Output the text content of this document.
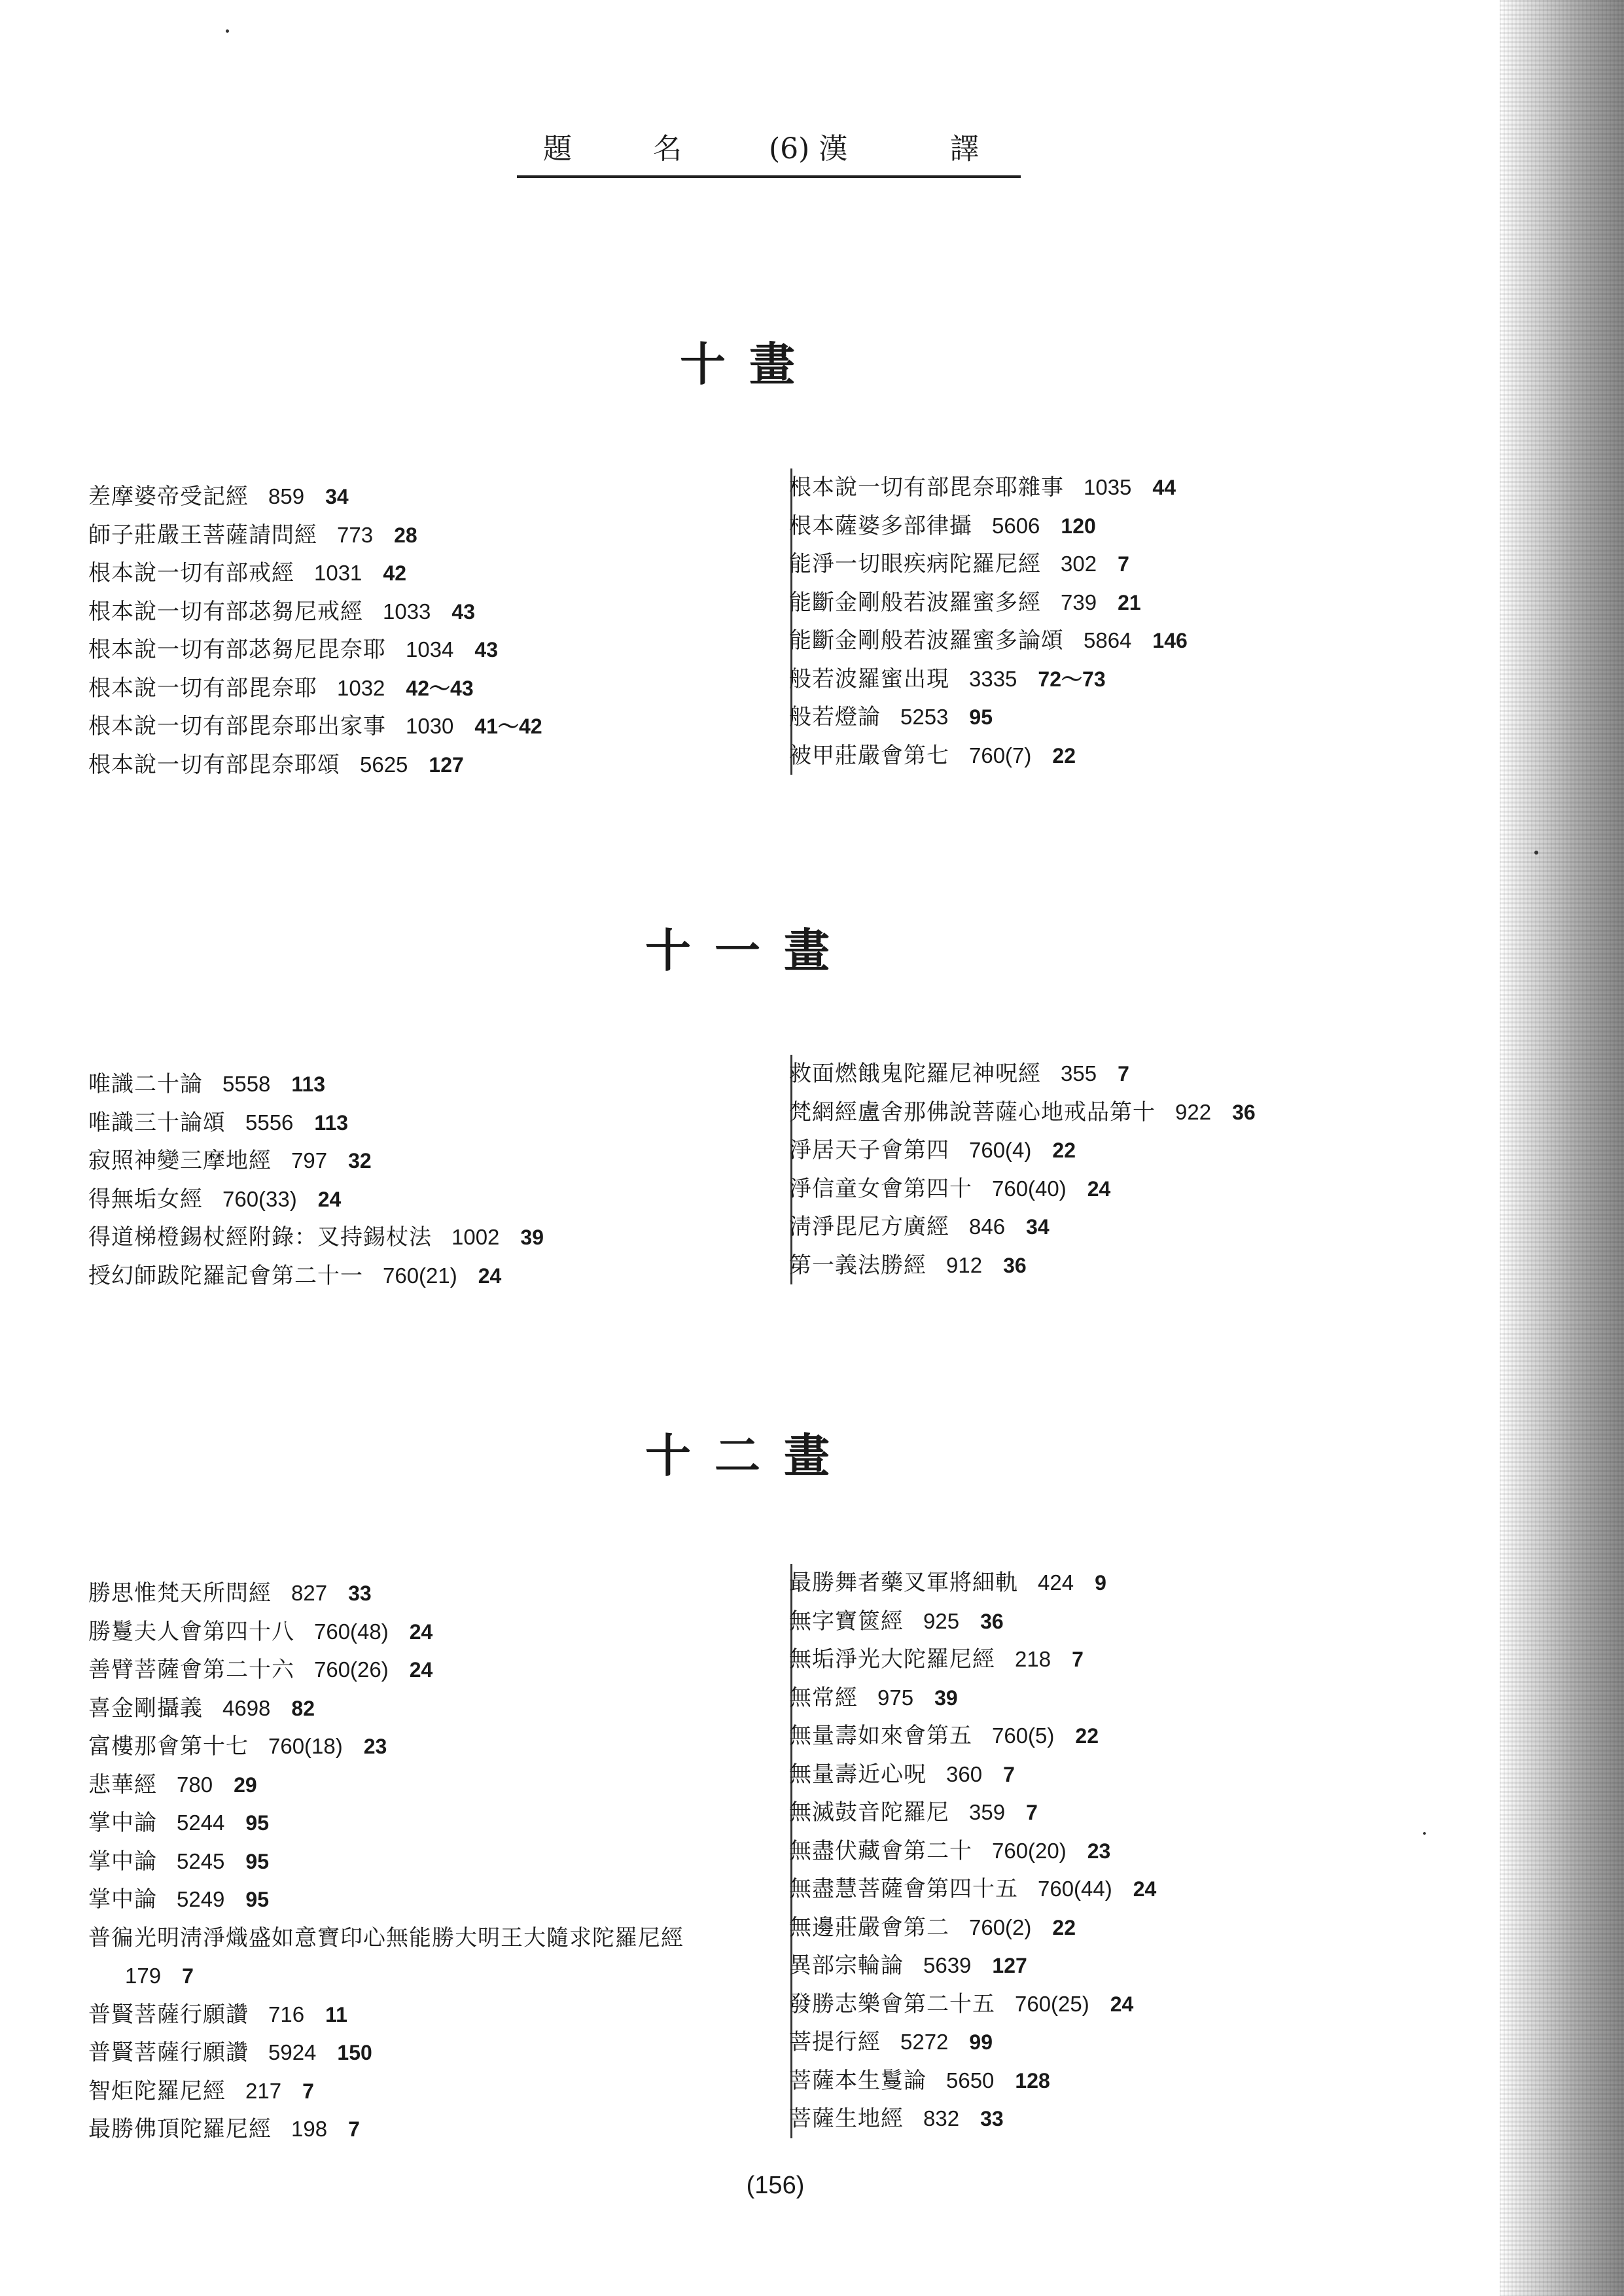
題	名	(6) 漢	譯
十畫
差摩婆帝受記經 859 34
師子莊嚴王菩薩請問經 773 28
根本說一切有部戒經 1031 42
根本說一切有部苾芻尼戒經 1033 43
根本說一切有部苾芻尼毘奈耶 1034 43
根本說一切有部毘奈耶 1032 42～43
根本說一切有部毘奈耶出家事 1030 41～42
根本說一切有部毘奈耶頌 5625 127
根本說一切有部毘奈耶雜事 1035 44
根本薩婆多部律攝 5606 120
能淨一切眼疾病陀羅尼經 302 7
能斷金剛般若波羅蜜多經 739 21
能斷金剛般若波羅蜜多論頌 5864 146
般若波羅蜜出現 3335 72～73
般若燈論 5253 95
被甲莊嚴會第七 760(7) 22
十一畫
唯識二十論 5558 113
唯識三十論頌 5556 113
寂照神變三摩地經 797 32
得無垢女經 760(33) 24
得道梯橙錫杖經附錄：叉持錫杖法 1002 39
授幻師跋陀羅記會第二十一 760(21) 24
救面燃餓鬼陀羅尼神呪經 355 7
梵網經盧舍那佛說菩薩心地戒品第十 922 36
淨居天子會第四 760(4) 22
淨信童女會第四十 760(40) 24
淸淨毘尼方廣經 846 34
第一義法勝經 912 36
十二畫
勝思惟梵天所問經 827 33
勝鬘夫人會第四十八 760(48) 24
善臂菩薩會第二十六 760(26) 24
喜金剛攝義 4698 82
富樓那會第十七 760(18) 23
悲華經 780 29
掌中論 5244 95
掌中論 5245 95
掌中論 5249 95
普徧光明淸淨熾盛如意寶印心無能勝大明王大隨求陀羅尼經
179 7
普賢菩薩行願讚 716 11
普賢菩薩行願讚 5924 150
智炬陀羅尼經 217 7
最勝佛頂陀羅尼經 198 7
最勝舞者藥叉軍將細軌 424 9
無字寶篋經 925 36
無垢淨光大陀羅尼經 218 7
無常經 975 39
無量壽如來會第五 760(5) 22
無量壽近心呪 360 7
無滅鼓音陀羅尼 359 7
無盡伏藏會第二十 760(20) 23
無盡慧菩薩會第四十五 760(44) 24
無邊莊嚴會第二 760(2) 22
異部宗輪論 5639 127
發勝志樂會第二十五 760(25) 24
菩提行經 5272 99
菩薩本生鬘論 5650 128
菩薩生地經 832 33
(156)
